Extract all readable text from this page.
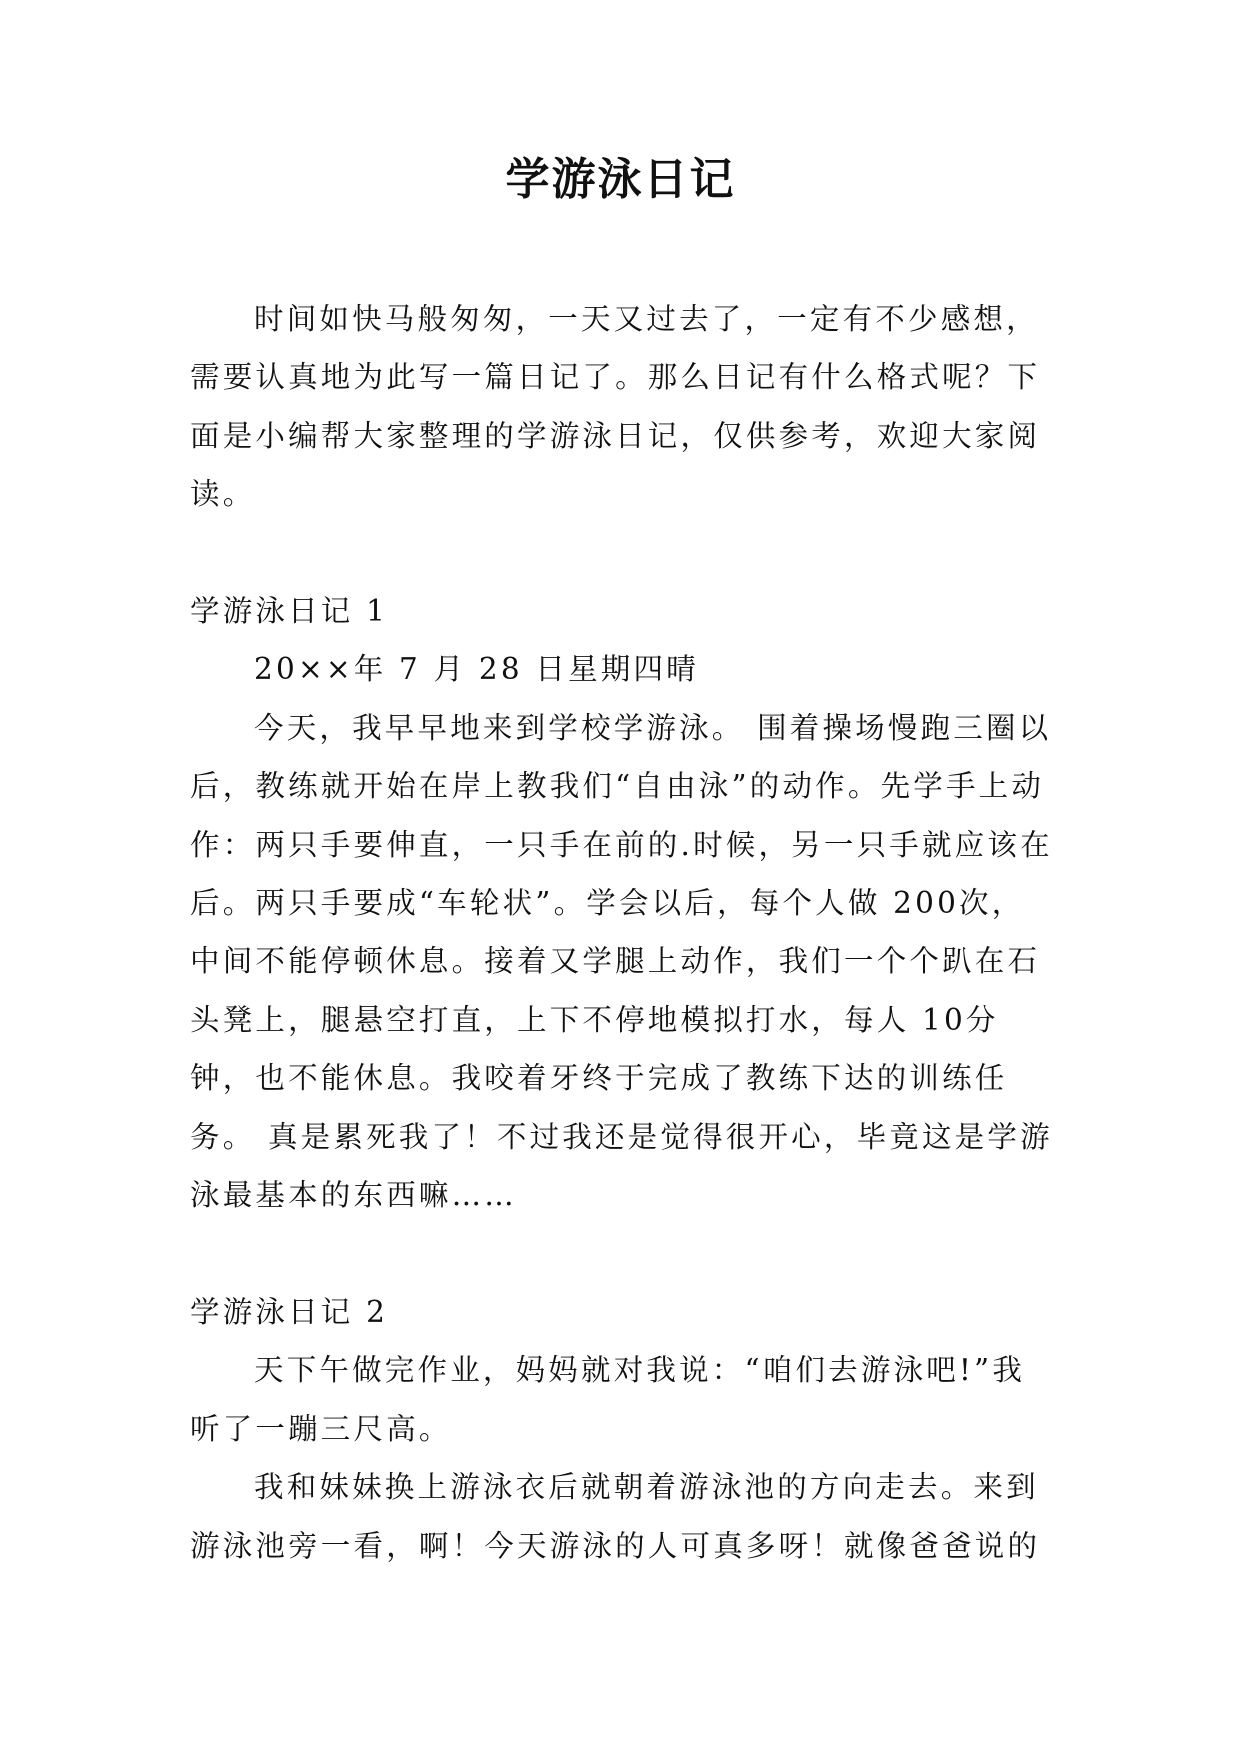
学游泳日记

时间如快马般匆匆，一天又过去了，一定有不少感想，需要认真地为此写一篇日记了。那么日记有什么格式呢？下面是小编帮大家整理的学游泳日记，仅供参考，欢迎大家阅读。

学游泳日记 1

20××年 7 月 28 日星期四晴

今天，我早早地来到学校学游泳。 围着操场慢跑三圈以后，教练就开始在岸上教我们“自由泳”的动作。先学手上动作：两只手要伸直，一只手在前的.时候，另一只手就应该在后。两只手要成“车轮状”。学会以后，每个人做 200次，中间不能停顿休息。接着又学腿上动作，我们一个个趴在石头凳上，腿悬空打直，上下不停地模拟打水，每人 10分钟，也不能休息。我咬着牙终于完成了教练下达的训练任务。 真是累死我了！不过我还是觉得很开心，毕竟这是学游泳最基本的东西嘛……

学游泳日记 2

天下午做完作业，妈妈就对我说：“咱们去游泳吧!”我听了一蹦三尺高。

我和妹妹换上游泳衣后就朝着游泳池的方向走去。来到游泳池旁一看，啊！今天游泳的人可真多呀！就像爸爸说的
